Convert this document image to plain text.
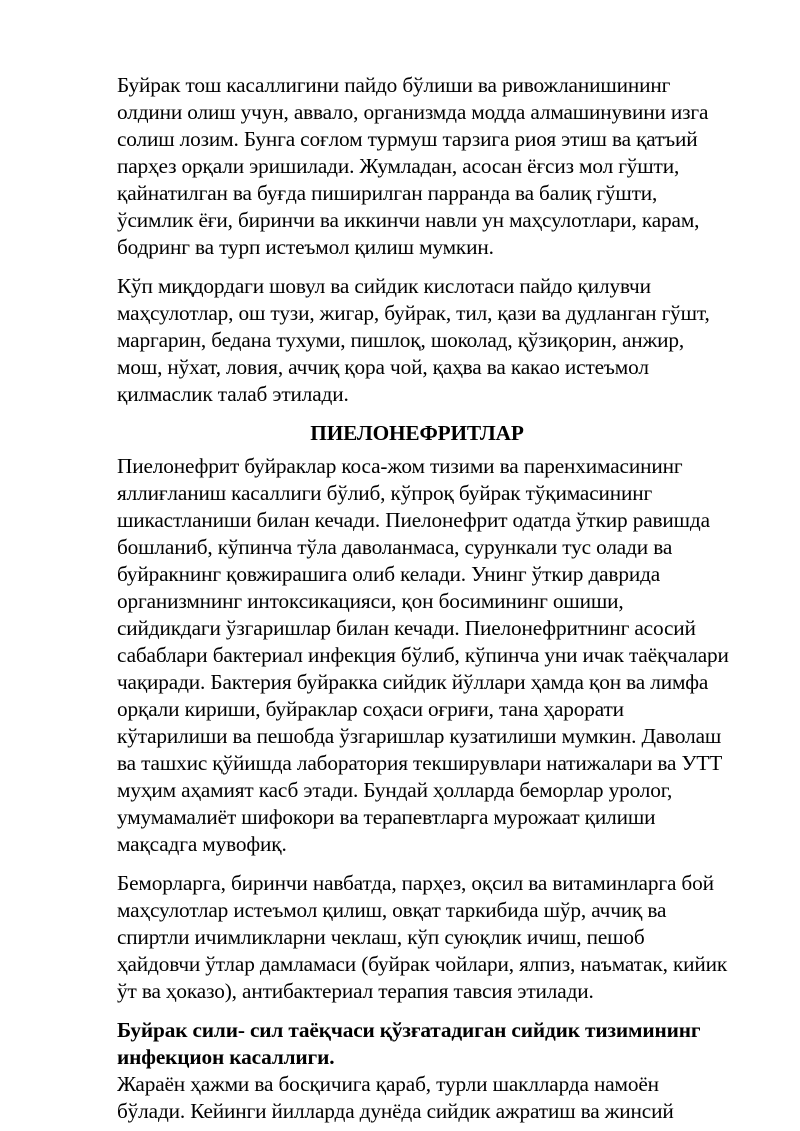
Буйрак тош касаллигини пайдо бўлиши ва ривожланишининг
олдини олиш учун, аввало, организмда модда алмашинувини изга
солиш лозим. Бунга соғлом турмуш тарзига риоя этиш ва қатъий
парҳез орқали эришилади. Жумладан, асосан ёғсиз мол гўшти,
қайнатилган ва буғда пиширилган парранда ва балиқ гўшти,
ўсимлик ёғи, биринчи ва иккинчи навли ун маҳсулотлари, карам,
бодринг ва турп истеъмол қилиш мумкин.

Кўп миқдордаги шовул ва сийдик кислотаси пайдо қилувчи
маҳсулотлар, ош тузи, жигар, буйрак, тил, қази ва дудланган гўшт,
маргарин, бедана тухуми, пишлоқ, шоколад, қўзиқорин, анжир,
мош, нўхат, ловия, аччиқ қора чой, қаҳва ва какао истеъмол
қилмаслик талаб этилади.

ПИЕЛОНЕФРИТЛАР

Пиелонефрит буйраклар коса-жом тизими ва паренхимасининг
яллиғланиш касаллиги бўлиб, кўпроқ буйрак тўқимасининг
шикастланиши билан кечади. Пиелонефрит одатда ўткир равишда
бошланиб, кўпинча тўла даволанмаса, сурункали тус олади ва
буйракнинг қовжирашига олиб келади. Унинг ўткир даврида
организмнинг интоксикацияси, қон босимининг ошиши,
сийдикдаги ўзгаришлар билан кечади. Пиелонефритнинг асосий
сабаблари бактериал инфекция бўлиб, кўпинча уни ичак таёқчалари
чақиради. Бактерия буйракка сийдик йўллари ҳамда қон ва лимфа
орқали кириши, буйраклар соҳаси оғриғи, тана ҳарорати
кўтарилиши ва пешобда ўзгаришлар кузатилиши мумкин. Даволаш
ва ташхис қўйишда лаборатория текширувлари натижалари ва УТТ
муҳим аҳамият касб этади. Бундай ҳолларда беморлар уролог,
умумамалиёт шифокори ва терапевтларга мурожаат қилиши
мақсадга мувофиқ.

Беморларга, биринчи навбатда, парҳез, оқсил ва витаминларга бой
маҳсулотлар истеъмол қилиш, овқат таркибида шўр, аччиқ ва
спиртли ичимликларни чеклаш, кўп суюқлик ичиш, пешоб
ҳайдовчи ўтлар дамламаси (буйрак чойлари, ялпиз, наъматак, кийик
ўт ва ҳоказо), антибактериал терапия тавсия этилади.

Буйрак сили- сил таёқчаси қўзғатадиган сийдик тизимининг
инфекцион касаллиги.

Жараён ҳажми ва босқичига қараб, турли шаклларда намоён
бўлади. Кейинги йилларда дунёда сийдик ажратиш ва жинсий
